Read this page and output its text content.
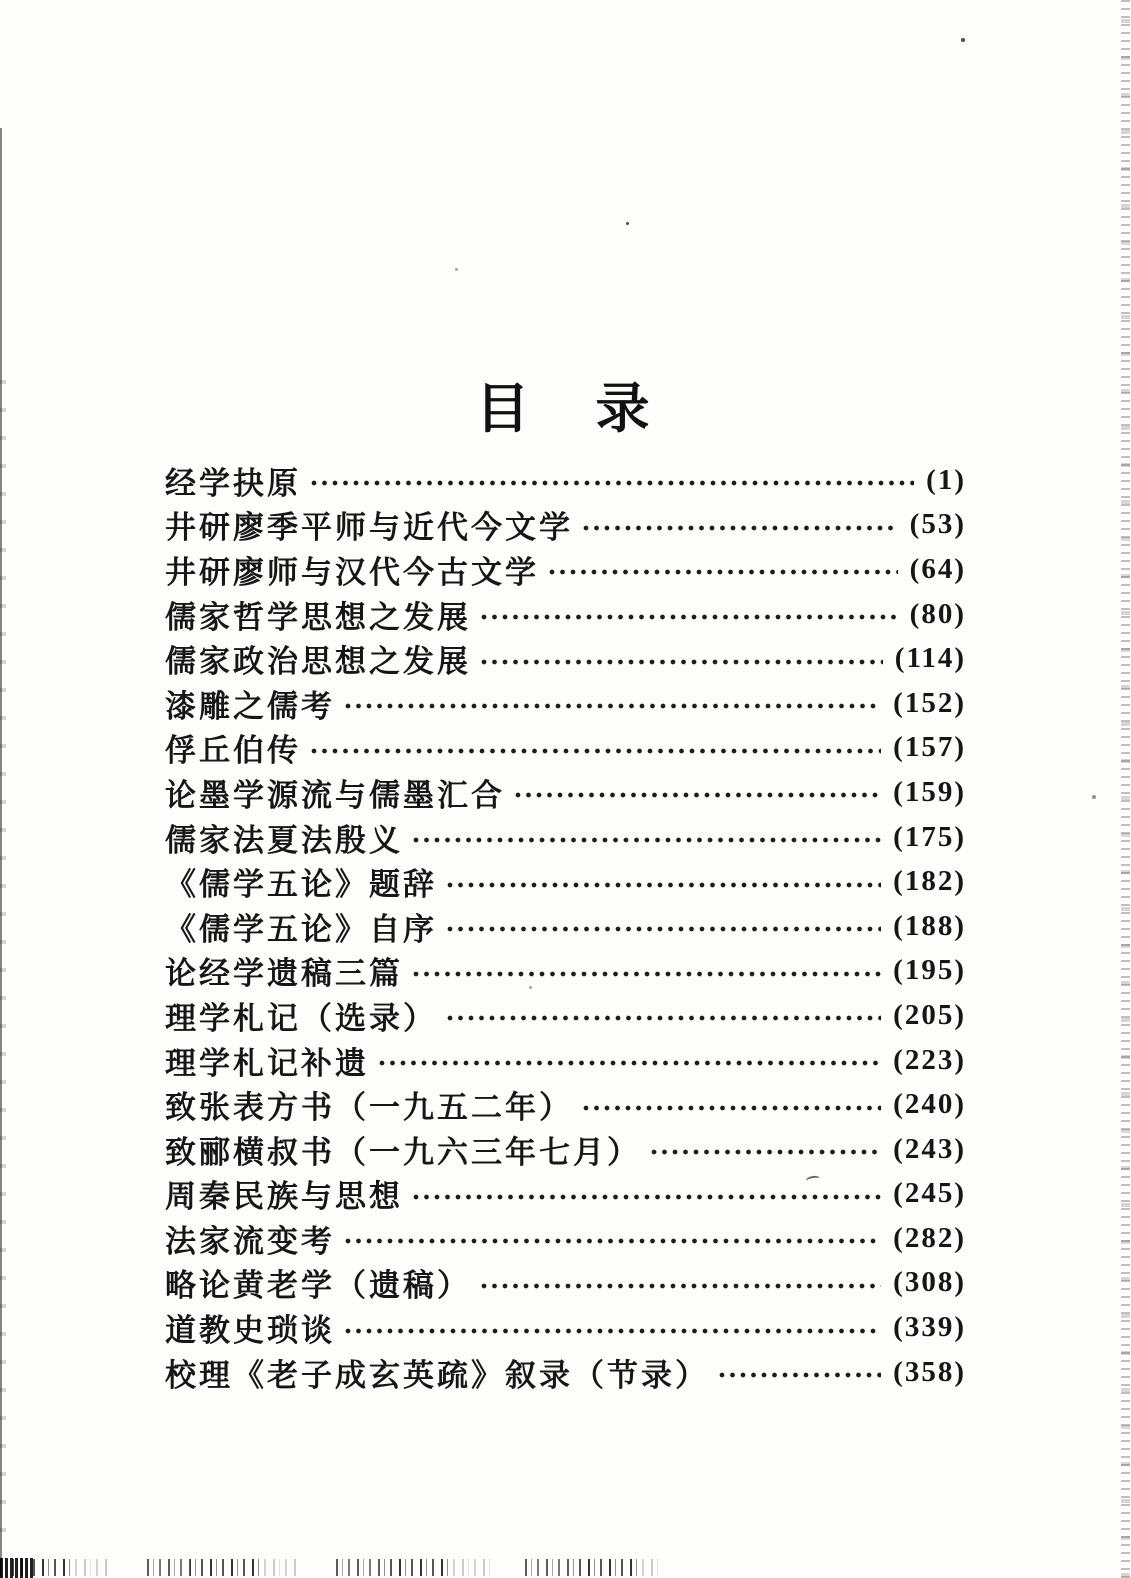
目　录
经学抉原	(1)
井研廖季平师与近代今文学	(53)
井研廖师与汉代今古文学	(64)
儒家哲学思想之发展	(80)
儒家政治思想之发展	(114)
漆雕之儒考	(152)
俘丘伯传	(157)
论墨学源流与儒墨汇合	(159)
儒家法夏法殷义	(175)
《儒学五论》题辞	(182)
《儒学五论》自序	(188)
论经学遗稿三篇	(195)
理学札记（选录）	(205)
理学札记补遗	(223)
致张表方书（一九五二年）	(240)
致郦横叔书（一九六三年七月）	(243)
周秦民族与思想	(245)
法家流变考	(282)
略论黄老学（遗稿）	(308)
道教史琐谈	(339)
校理《老子成玄英疏》叙录（节录）	(358)
